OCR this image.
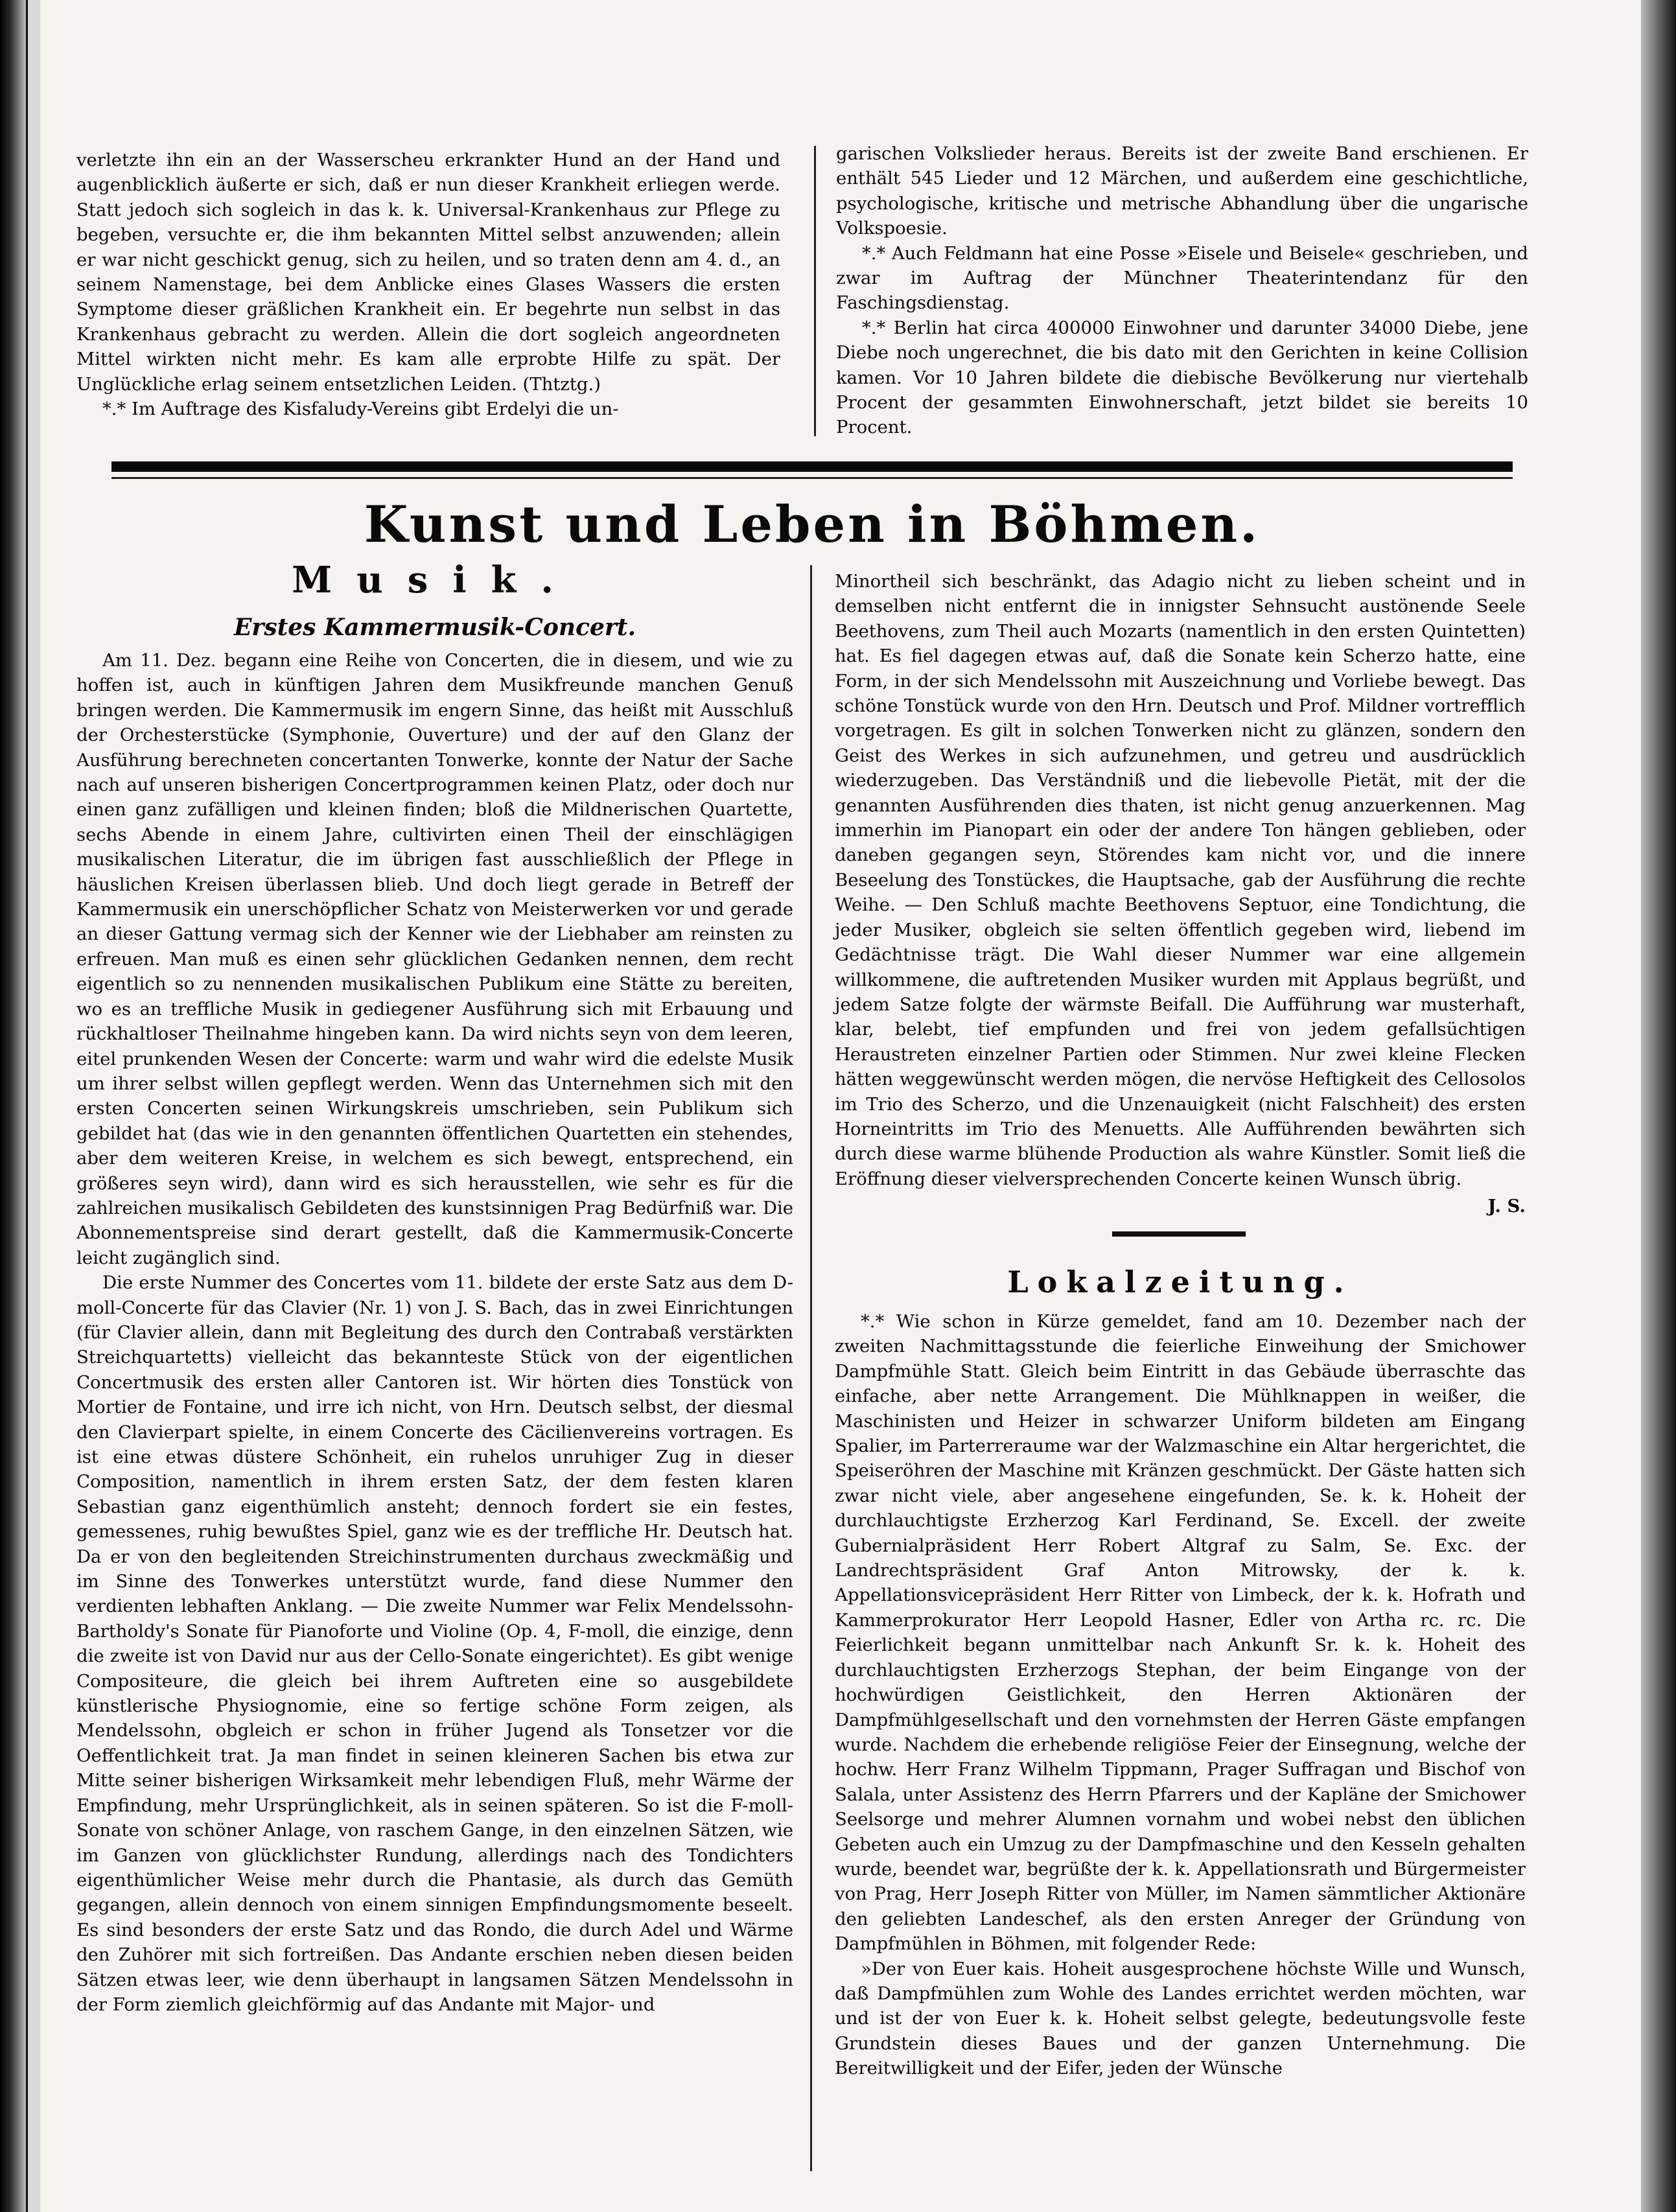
verletzte ihn ein an der Wasserscheu erkrankter Hund an der Hand und augenblicklich äußerte er sich, daß er nun dieser Krankheit erliegen werde. Statt jedoch sich sogleich in das k. k. Universal-Krankenhaus zur Pflege zu begeben, versuchte er, die ihm bekannten Mittel selbst anzuwenden; allein er war nicht geschickt genug, sich zu heilen, und so traten denn am 4. d., an seinem Namenstage, bei dem Anblicke eines Glases Wassers die ersten Symptome dieser gräßlichen Krankheit ein. Er begehrte nun selbst in das Krankenhaus gebracht zu werden. Allein die dort sogleich angeordneten Mittel wirkten nicht mehr. Es kam alle erprobte Hilfe zu spät. Der Unglückliche erlag seinem entsetzlichen Leiden. (Thtztg.)

*.* Im Auftrage des Kisfaludy-Vereins gibt Erdelyi die un-

garischen Volkslieder heraus. Bereits ist der zweite Band erschienen. Er enthält 545 Lieder und 12 Märchen, und außerdem eine geschichtliche, psychologische, kritische und metrische Abhandlung über die ungarische Volkspoesie.

*.* Auch Feldmann hat eine Posse »Eisele und Beisele« geschrieben, und zwar im Auftrag der Münchner Theaterintendanz für den Faschingsdienstag.

*.* Berlin hat circa 400000 Einwohner und darunter 34000 Diebe, jene Diebe noch ungerechnet, die bis dato mit den Gerichten in keine Collision kamen. Vor 10 Jahren bildete die diebische Bevölkerung nur viertehalb Procent der gesammten Einwohnerschaft, jetzt bildet sie bereits 10 Procent.

Kunst und Leben in Böhmen.
Musik.
Erstes Kammermusik-Concert.

Am 11. Dez. begann eine Reihe von Concerten, die in diesem, und wie zu hoffen ist, auch in künftigen Jahren dem Musikfreunde manchen Genuß bringen werden. Die Kammermusik im engern Sinne, das heißt mit Ausschluß der Orchesterstücke (Symphonie, Ouverture) und der auf den Glanz der Ausführung berechneten concertanten Tonwerke, konnte der Natur der Sache nach auf unseren bisherigen Concertprogrammen keinen Platz, oder doch nur einen ganz zufälligen und kleinen finden; bloß die Mildnerischen Quartette, sechs Abende in einem Jahre, cultivirten einen Theil der einschlägigen musikalischen Literatur, die im übrigen fast ausschließlich der Pflege in häuslichen Kreisen überlassen blieb. Und doch liegt gerade in Betreff der Kammermusik ein unerschöpflicher Schatz von Meisterwerken vor und gerade an dieser Gattung vermag sich der Kenner wie der Liebhaber am reinsten zu erfreuen. Man muß es einen sehr glücklichen Gedanken nennen, dem recht eigentlich so zu nennenden musikalischen Publikum eine Stätte zu bereiten, wo es an treffliche Musik in gediegener Ausführung sich mit Erbauung und rückhaltloser Theilnahme hingeben kann. Da wird nichts seyn von dem leeren, eitel prunkenden Wesen der Concerte: warm und wahr wird die edelste Musik um ihrer selbst willen gepflegt werden. Wenn das Unternehmen sich mit den ersten Concerten seinen Wirkungskreis umschrieben, sein Publikum sich gebildet hat (das wie in den genannten öffentlichen Quartetten ein stehendes, aber dem weiteren Kreise, in welchem es sich bewegt, entsprechend, ein größeres seyn wird), dann wird es sich herausstellen, wie sehr es für die zahlreichen musikalisch Gebildeten des kunstsinnigen Prag Bedürfniß war. Die Abonnementspreise sind derart gestellt, daß die Kammermusik-Concerte leicht zugänglich sind.

Die erste Nummer des Concertes vom 11. bildete der erste Satz aus dem D-moll-Concerte für das Clavier (Nr. 1) von J. S. Bach, das in zwei Einrichtungen (für Clavier allein, dann mit Begleitung des durch den Contrabaß verstärkten Streichquartetts) vielleicht das bekannteste Stück von der eigentlichen Concertmusik des ersten aller Cantoren ist. Wir hörten dies Tonstück von Mortier de Fontaine, und irre ich nicht, von Hrn. Deutsch selbst, der diesmal den Clavierpart spielte, in einem Concerte des Cäcilienvereins vortragen. Es ist eine etwas düstere Schönheit, ein ruhelos unruhiger Zug in dieser Composition, namentlich in ihrem ersten Satz, der dem festen klaren Sebastian ganz eigenthümlich ansteht; dennoch fordert sie ein festes, gemessenes, ruhig bewußtes Spiel, ganz wie es der treffliche Hr. Deutsch hat. Da er von den begleitenden Streichinstrumenten durchaus zweckmäßig und im Sinne des Tonwerkes unterstützt wurde, fand diese Nummer den verdienten lebhaften Anklang. — Die zweite Nummer war Felix Mendelssohn-Bartholdy's Sonate für Pianoforte und Violine (Op. 4, F-moll, die einzige, denn die zweite ist von David nur aus der Cello-Sonate eingerichtet). Es gibt wenige Compositeure, die gleich bei ihrem Auftreten eine so ausgebildete künstlerische Physiognomie, eine so fertige schöne Form zeigen, als Mendelssohn, obgleich er schon in früher Jugend als Tonsetzer vor die Oeffentlichkeit trat. Ja man findet in seinen kleineren Sachen bis etwa zur Mitte seiner bisherigen Wirksamkeit mehr lebendigen Fluß, mehr Wärme der Empfindung, mehr Ursprünglichkeit, als in seinen späteren. So ist die F-moll-Sonate von schöner Anlage, von raschem Gange, in den einzelnen Sätzen, wie im Ganzen von glücklichster Rundung, allerdings nach des Tondichters eigenthümlicher Weise mehr durch die Phantasie, als durch das Gemüth gegangen, allein dennoch von einem sinnigen Empfindungsmomente beseelt. Es sind besonders der erste Satz und das Rondo, die durch Adel und Wärme den Zuhörer mit sich fortreißen. Das Andante erschien neben diesen beiden Sätzen etwas leer, wie denn überhaupt in langsamen Sätzen Mendelssohn in der Form ziemlich gleichförmig auf das Andante mit Major- und

Minortheil sich beschränkt, das Adagio nicht zu lieben scheint und in demselben nicht entfernt die in innigster Sehnsucht austönende Seele Beethovens, zum Theil auch Mozarts (namentlich in den ersten Quintetten) hat. Es fiel dagegen etwas auf, daß die Sonate kein Scherzo hatte, eine Form, in der sich Mendelssohn mit Auszeichnung und Vorliebe bewegt. Das schöne Tonstück wurde von den Hrn. Deutsch und Prof. Mildner vortrefflich vorgetragen. Es gilt in solchen Tonwerken nicht zu glänzen, sondern den Geist des Werkes in sich aufzunehmen, und getreu und ausdrücklich wiederzugeben. Das Verständniß und die liebevolle Pietät, mit der die genannten Ausführenden dies thaten, ist nicht genug anzuerkennen. Mag immerhin im Pianopart ein oder der andere Ton hängen geblieben, oder daneben gegangen seyn, Störendes kam nicht vor, und die innere Beseelung des Tonstückes, die Hauptsache, gab der Ausführung die rechte Weihe. — Den Schluß machte Beethovens Septuor, eine Tondichtung, die jeder Musiker, obgleich sie selten öffentlich gegeben wird, liebend im Gedächtnisse trägt. Die Wahl dieser Nummer war eine allgemein willkommene, die auftretenden Musiker wurden mit Applaus begrüßt, und jedem Satze folgte der wärmste Beifall. Die Aufführung war musterhaft, klar, belebt, tief empfunden und frei von jedem gefallsüchtigen Heraustreten einzelner Partien oder Stimmen. Nur zwei kleine Flecken hätten weggewünscht werden mögen, die nervöse Heftigkeit des Cellosolos im Trio des Scherzo, und die Unzenauigkeit (nicht Falschheit) des ersten Horneintritts im Trio des Menuetts. Alle Aufführenden bewährten sich durch diese warme blühende Production als wahre Künstler. Somit ließ die Eröffnung dieser vielversprechenden Concerte keinen Wunsch übrig.

J. S.
Lokalzeitung.

*.* Wie schon in Kürze gemeldet, fand am 10. Dezember nach der zweiten Nachmittagsstunde die feierliche Einweihung der Smichower Dampfmühle Statt. Gleich beim Eintritt in das Gebäude überraschte das einfache, aber nette Arrangement. Die Mühlknappen in weißer, die Maschinisten und Heizer in schwarzer Uniform bildeten am Eingang Spalier, im Parterreraume war der Walzmaschine ein Altar hergerichtet, die Speiseröhren der Maschine mit Kränzen geschmückt. Der Gäste hatten sich zwar nicht viele, aber angesehene eingefunden, Se. k. k. Hoheit der durchlauchtigste Erzherzog Karl Ferdinand, Se. Excell. der zweite Gubernialpräsident Herr Robert Altgraf zu Salm, Se. Exc. der Landrechtspräsident Graf Anton Mitrowsky, der k. k. Appellationsvicepräsident Herr Ritter von Limbeck, der k. k. Hofrath und Kammerprokurator Herr Leopold Hasner, Edler von Artha rc. rc. Die Feierlichkeit begann unmittelbar nach Ankunft Sr. k. k. Hoheit des durchlauchtigsten Erzherzogs Stephan, der beim Eingange von der hochwürdigen Geistlichkeit, den Herren Aktionären der Dampfmühlgesellschaft und den vornehmsten der Herren Gäste empfangen wurde. Nachdem die erhebende religiöse Feier der Einsegnung, welche der hochw. Herr Franz Wilhelm Tippmann, Prager Suffragan und Bischof von Salala, unter Assistenz des Herrn Pfarrers und der Kapläne der Smichower Seelsorge und mehrer Alumnen vornahm und wobei nebst den üblichen Gebeten auch ein Umzug zu der Dampfmaschine und den Kesseln gehalten wurde, beendet war, begrüßte der k. k. Appellationsrath und Bürgermeister von Prag, Herr Joseph Ritter von Müller, im Namen sämmtlicher Aktionäre den geliebten Landeschef, als den ersten Anreger der Gründung von Dampfmühlen in Böhmen, mit folgender Rede:

»Der von Euer kais. Hoheit ausgesprochene höchste Wille und Wunsch, daß Dampfmühlen zum Wohle des Landes errichtet werden möchten, war und ist der von Euer k. k. Hoheit selbst gelegte, bedeutungsvolle feste Grundstein dieses Baues und der ganzen Unternehmung. Die Bereitwilligkeit und der Eifer, jeden der Wünsche
